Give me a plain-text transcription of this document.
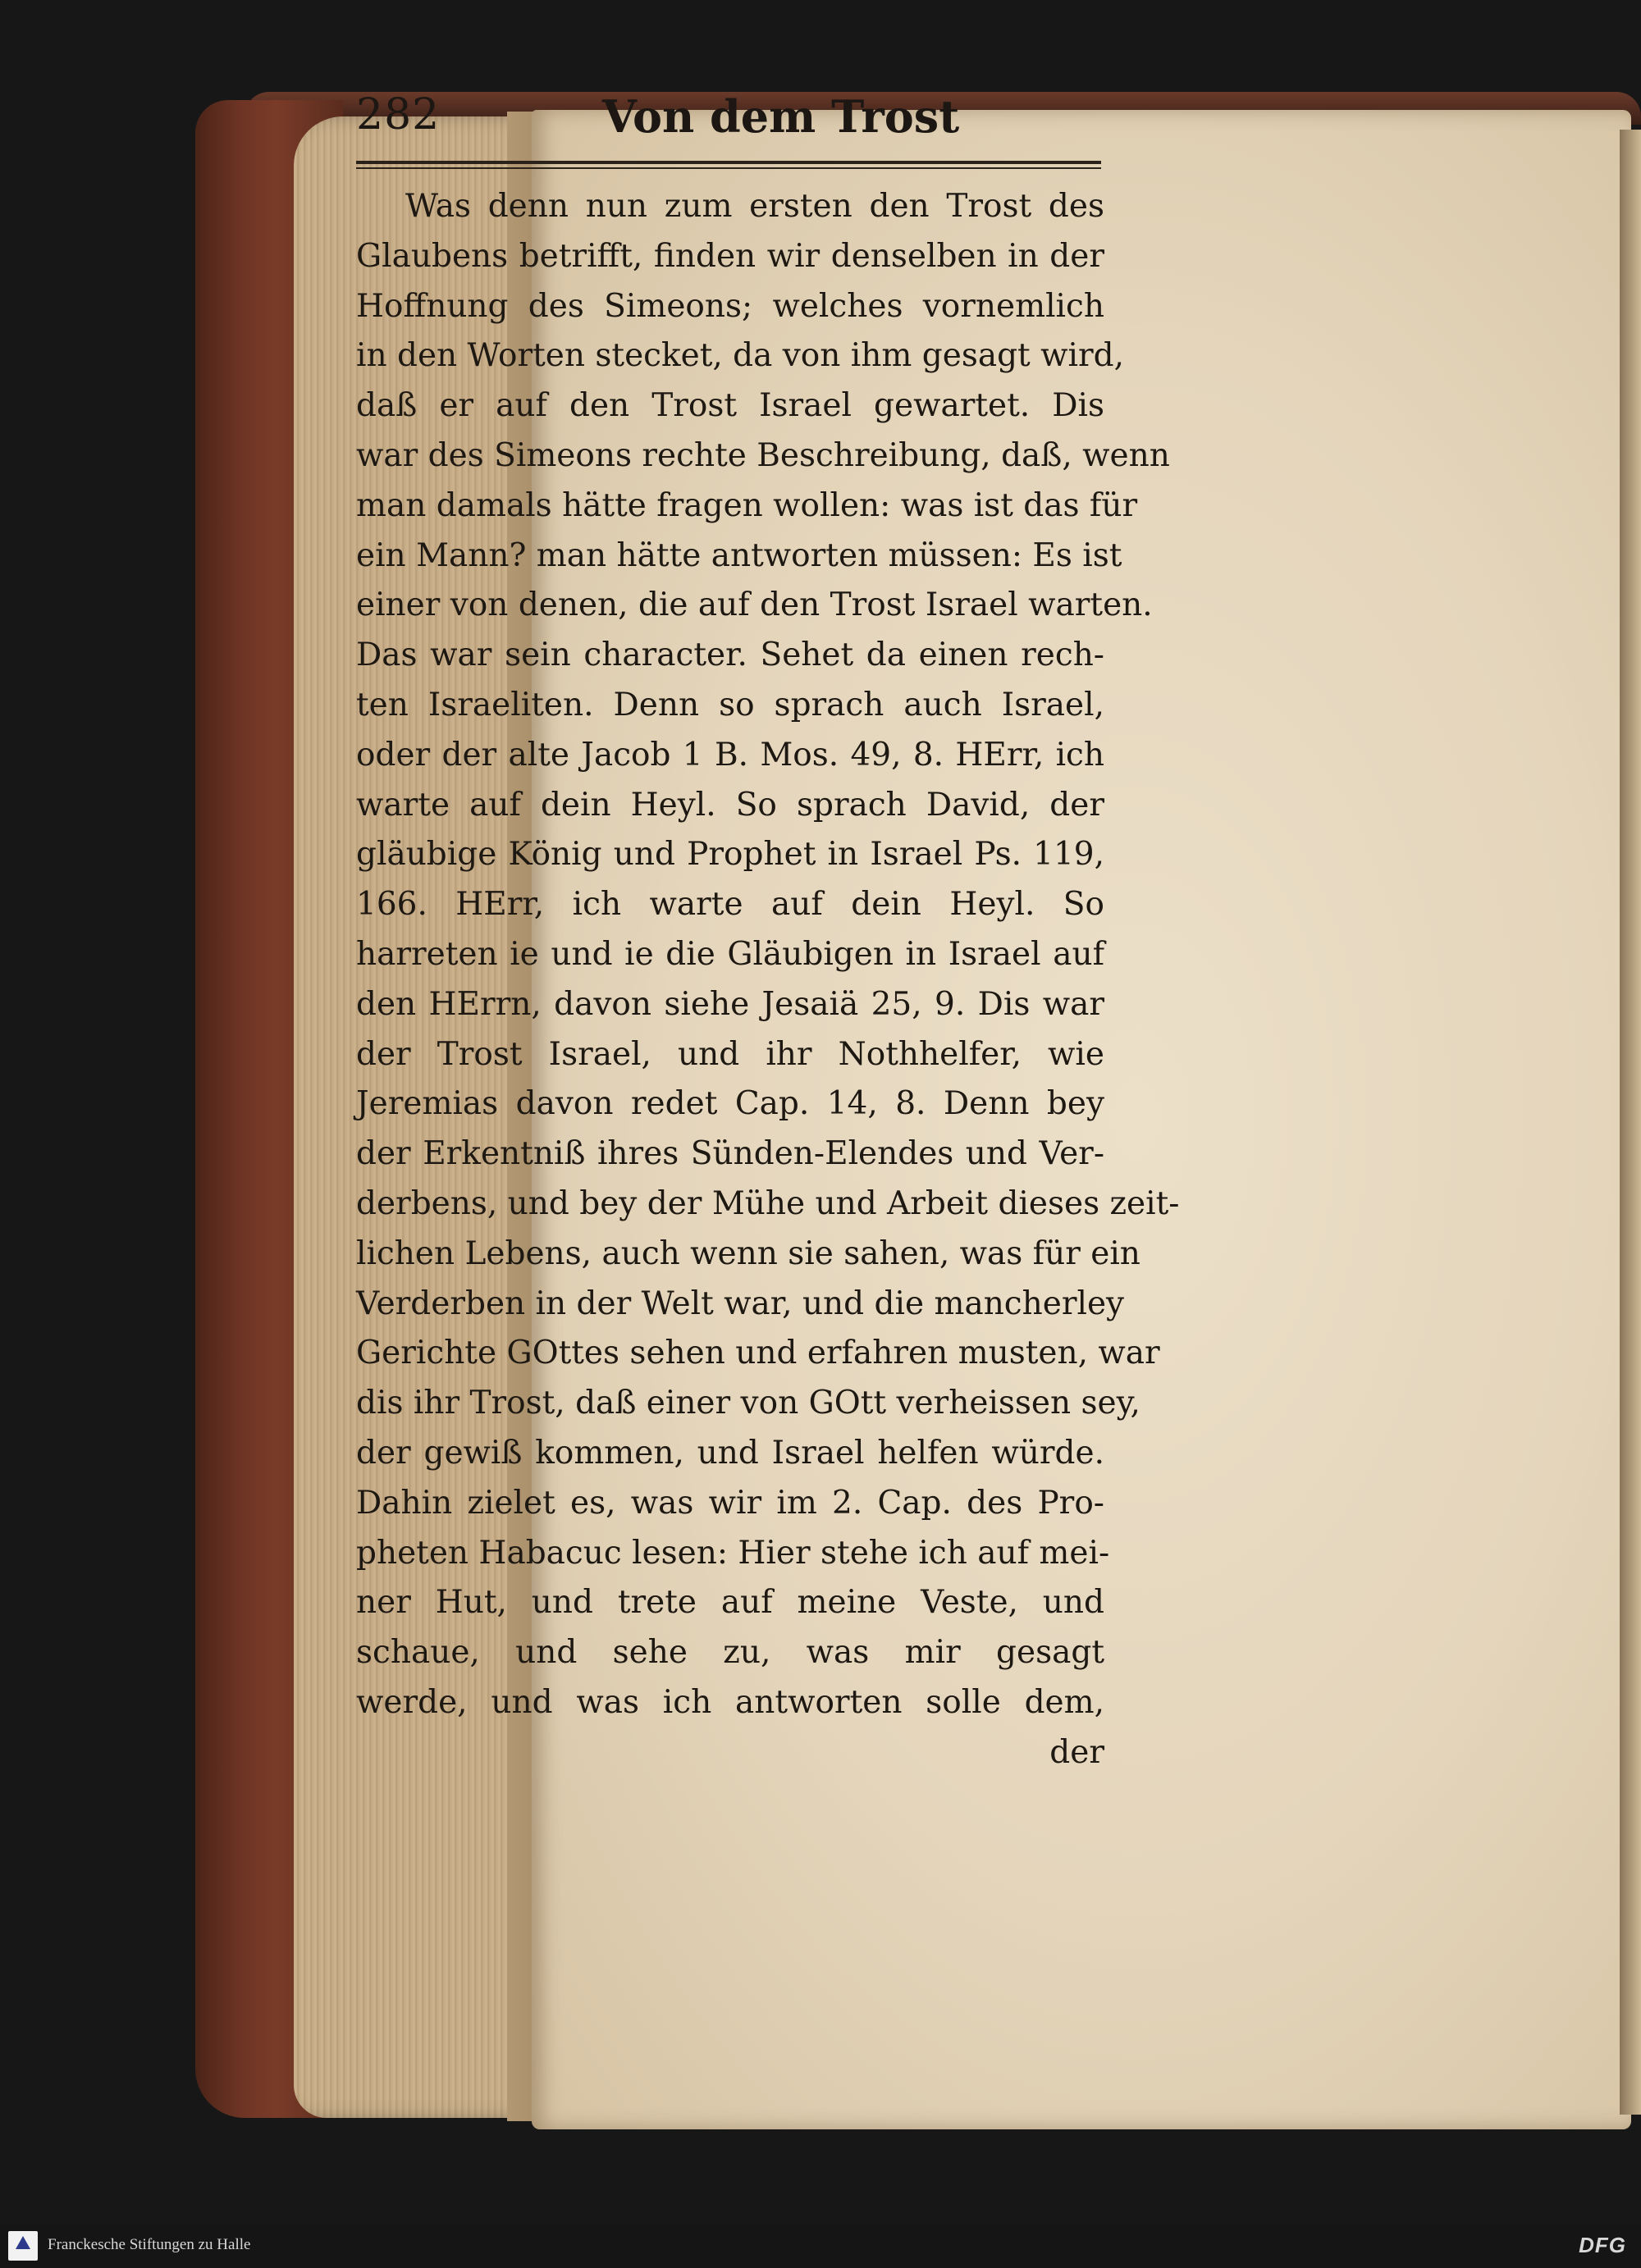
282	Von dem Trost
Was denn nun zum ersten den Trost des
Glaubens betrifft, finden wir denselben in der
Hoffnung des Simeons; welches vornemlich
in den Worten stecket, da von ihm gesagt wird,
daß er auf den Trost Israel gewartet. Dis
war des Simeons rechte Beschreibung, daß, wenn
man damals hätte fragen wollen: was ist das für
ein Mann? man hätte antworten müssen: Es ist
einer von denen, die auf den Trost Israel warten.
Das war sein character. Sehet da einen rech-
ten Israeliten. Denn so sprach auch Israel,
oder der alte Jacob 1 B. Mos. 49, 8. HErr, ich
warte auf dein Heyl. So sprach David, der
gläubige König und Prophet in Israel Ps. 119,
166. HErr, ich warte auf dein Heyl. So
harreten ie und ie die Gläubigen in Israel auf
den HErrn, davon siehe Jesaiä 25, 9. Dis war
der Trost Israel, und ihr Nothhelfer, wie
Jeremias davon redet Cap. 14, 8. Denn bey
der Erkentniß ihres Sünden-Elendes und Ver-
derbens, und bey der Mühe und Arbeit dieses zeit-
lichen Lebens, auch wenn sie sahen, was für ein
Verderben in der Welt war, und die mancherley
Gerichte GOttes sehen und erfahren musten, war
dis ihr Trost, daß einer von GOtt verheissen sey,
der gewiß kommen, und Israel helfen würde.
Dahin zielet es, was wir im 2. Cap. des Pro-
pheten Habacuc lesen: Hier stehe ich auf mei-
ner Hut, und trete auf meine Veste, und
schaue, und sehe zu, was mir gesagt
werde, und was ich antworten solle dem,
der
Franckesche Stiftungen zu Halle	DFG
